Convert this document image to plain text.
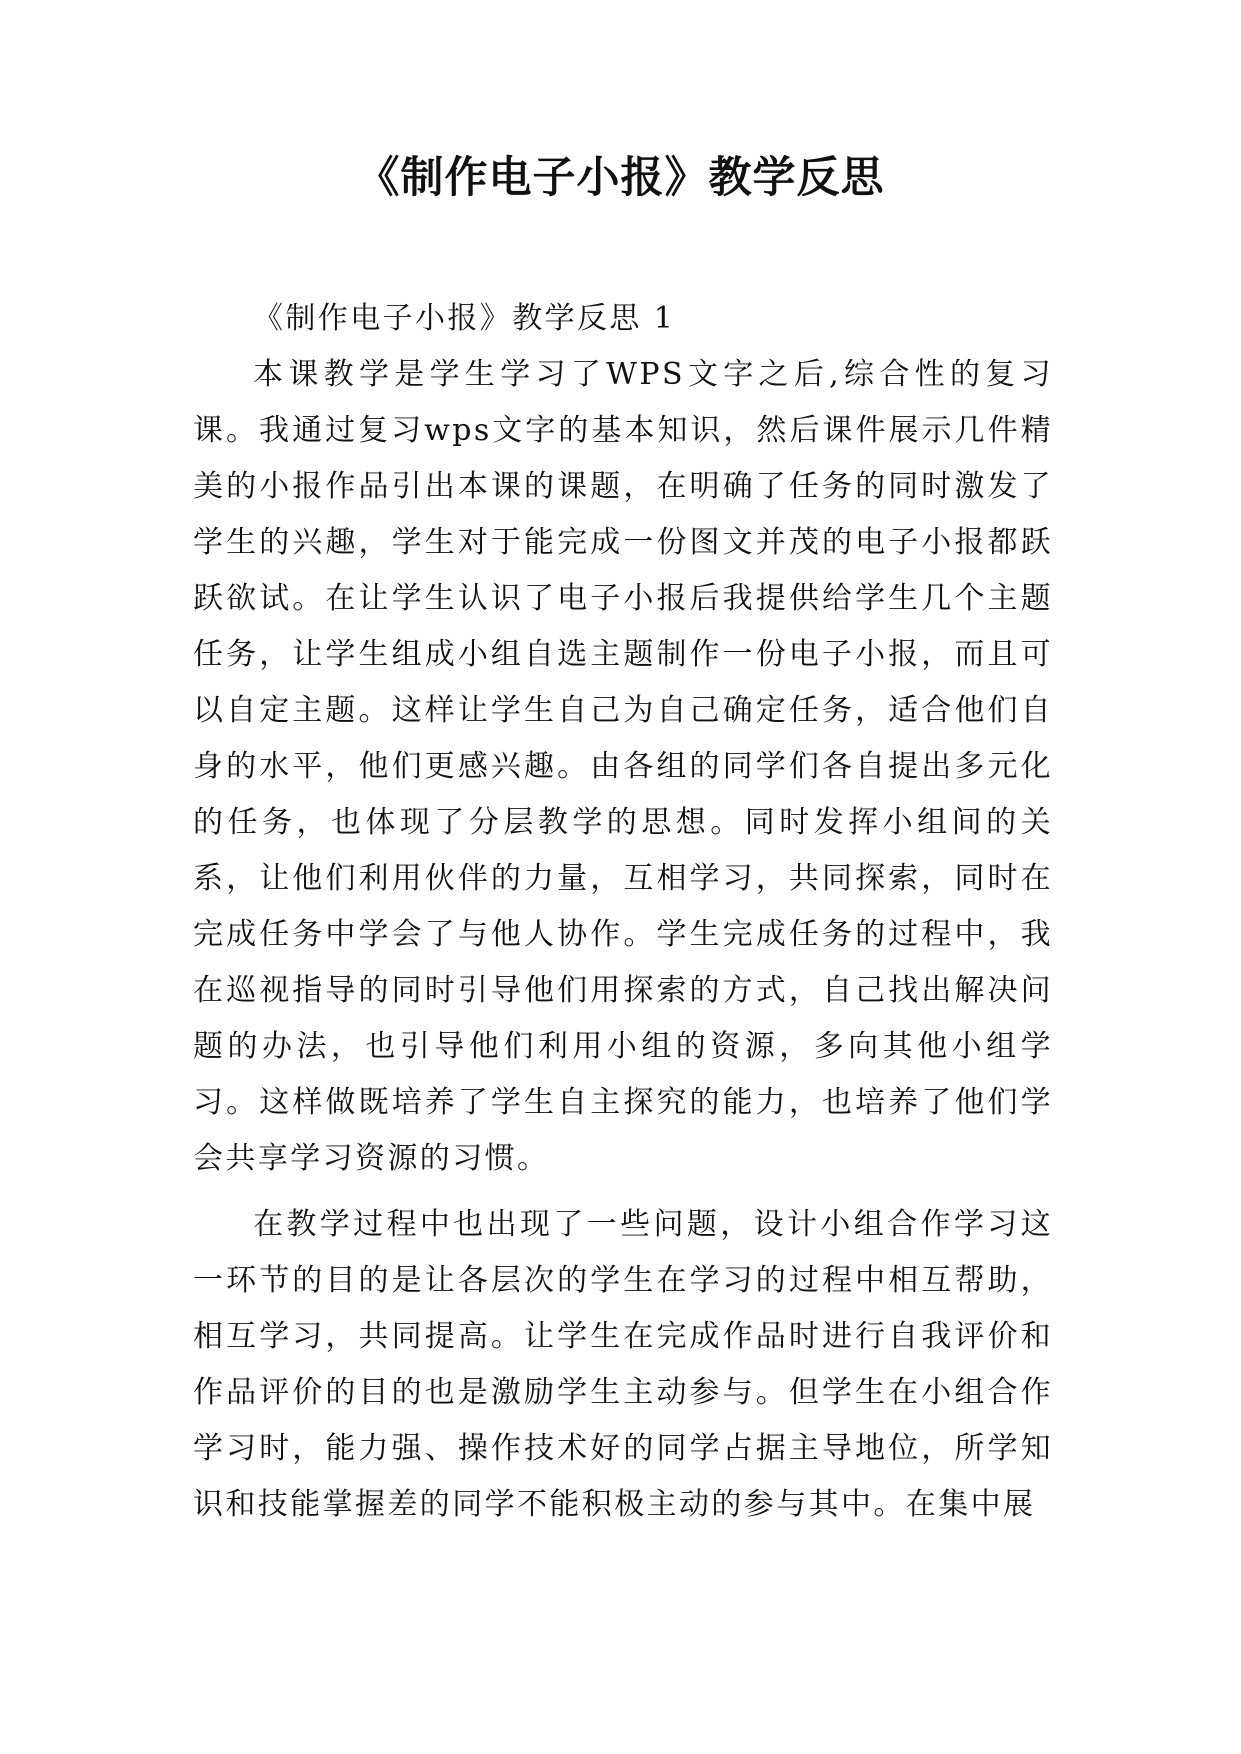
《制作电子小报》教学反思

《制作电子小报》教学反思 1

本课教学是学生学习了WPS文字之后,综合性的复习课。我通过复习wps文字的基本知识，然后课件展示几件精美的小报作品引出本课的课题，在明确了任务的同时激发了学生的兴趣，学生对于能完成一份图文并茂的电子小报都跃跃欲试。在让学生认识了电子小报后我提供给学生几个主题任务，让学生组成小组自选主题制作一份电子小报，而且可以自定主题。这样让学生自己为自己确定任务，适合他们自身的水平，他们更感兴趣。由各组的同学们各自提出多元化的任务，也体现了分层教学的思想。同时发挥小组间的关系，让他们利用伙伴的力量，互相学习，共同探索，同时在完成任务中学会了与他人协作。学生完成任务的过程中，我在巡视指导的同时引导他们用探索的方式，自己找出解决问题的办法，也引导他们利用小组的资源，多向其他小组学习。这样做既培养了学生自主探究的能力，也培养了他们学会共享学习资源的习惯。

在教学过程中也出现了一些问题，设计小组合作学习这一环节的目的是让各层次的学生在学习的过程中相互帮助，相互学习，共同提高。让学生在完成作品时进行自我评价和作品评价的目的也是激励学生主动参与。但学生在小组合作学习时，能力强、操作技术好的同学占据主导地位，所学知识和技能掌握差的同学不能积极主动的参与其中。在集中展
